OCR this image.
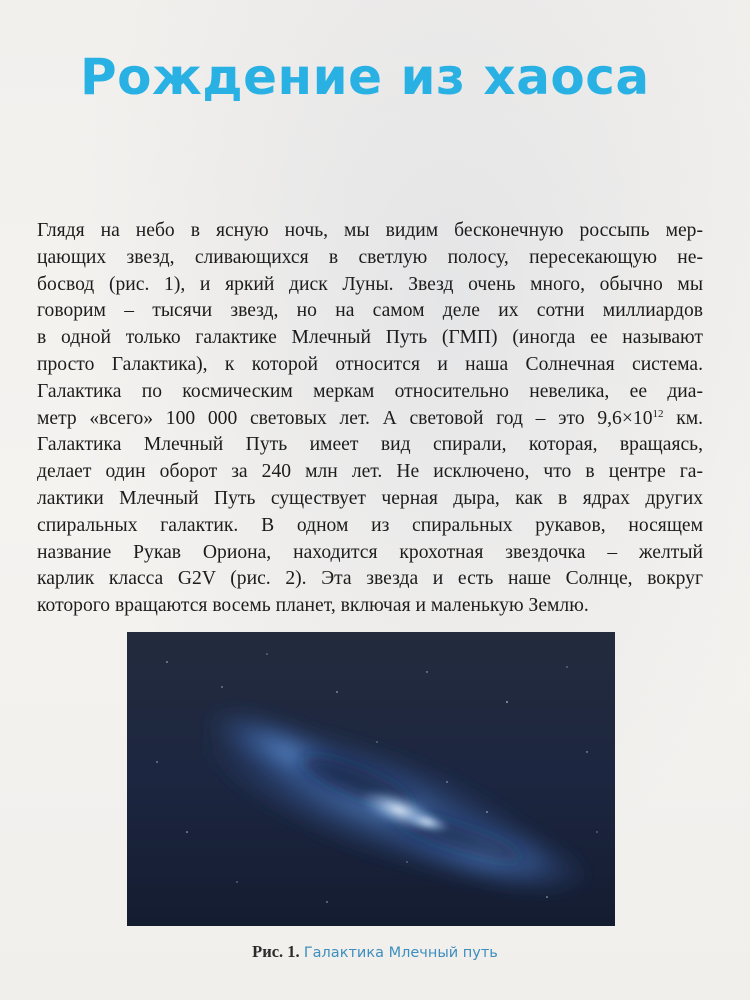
Рождение из хаоса
Глядя на небо в ясную ночь, мы видим бесконечную россыпь мер-
цающих звезд, сливающихся в светлую полосу, пересекающую не-
босвод (рис. 1), и яркий диск Луны. Звезд очень много, обычно мы
говорим – тысячи звезд, но на самом деле их сотни миллиардов
в одной только галактике Млечный Путь (ГМП) (иногда ее называют
просто Галактика), к которой относится и наша Солнечная система.
Галактика по космическим меркам относительно невелика, ее диа-
метр «всего» 100 000 световых лет. А световой год – это $9,6\times 10^{12}$ км.
Галактика Млечный Путь имеет вид спирали, которая, вращаясь,
делает один оборот за 240 млн лет. Не исключено, что в центре га-
лактики Млечный Путь существует черная дыра, как в ядрах других
спиральных галактик. В одном из спиральных рукавов, носящем
название Рукав Ориона, находится крохотная звездочка – желтый
карлик класса G2V (рис. 2). Эта звезда и есть наше Солнце, вокруг
которого вращаются восемь планет, включая и маленькую Землю.
Рис. 1. Галактика Млечный путь
